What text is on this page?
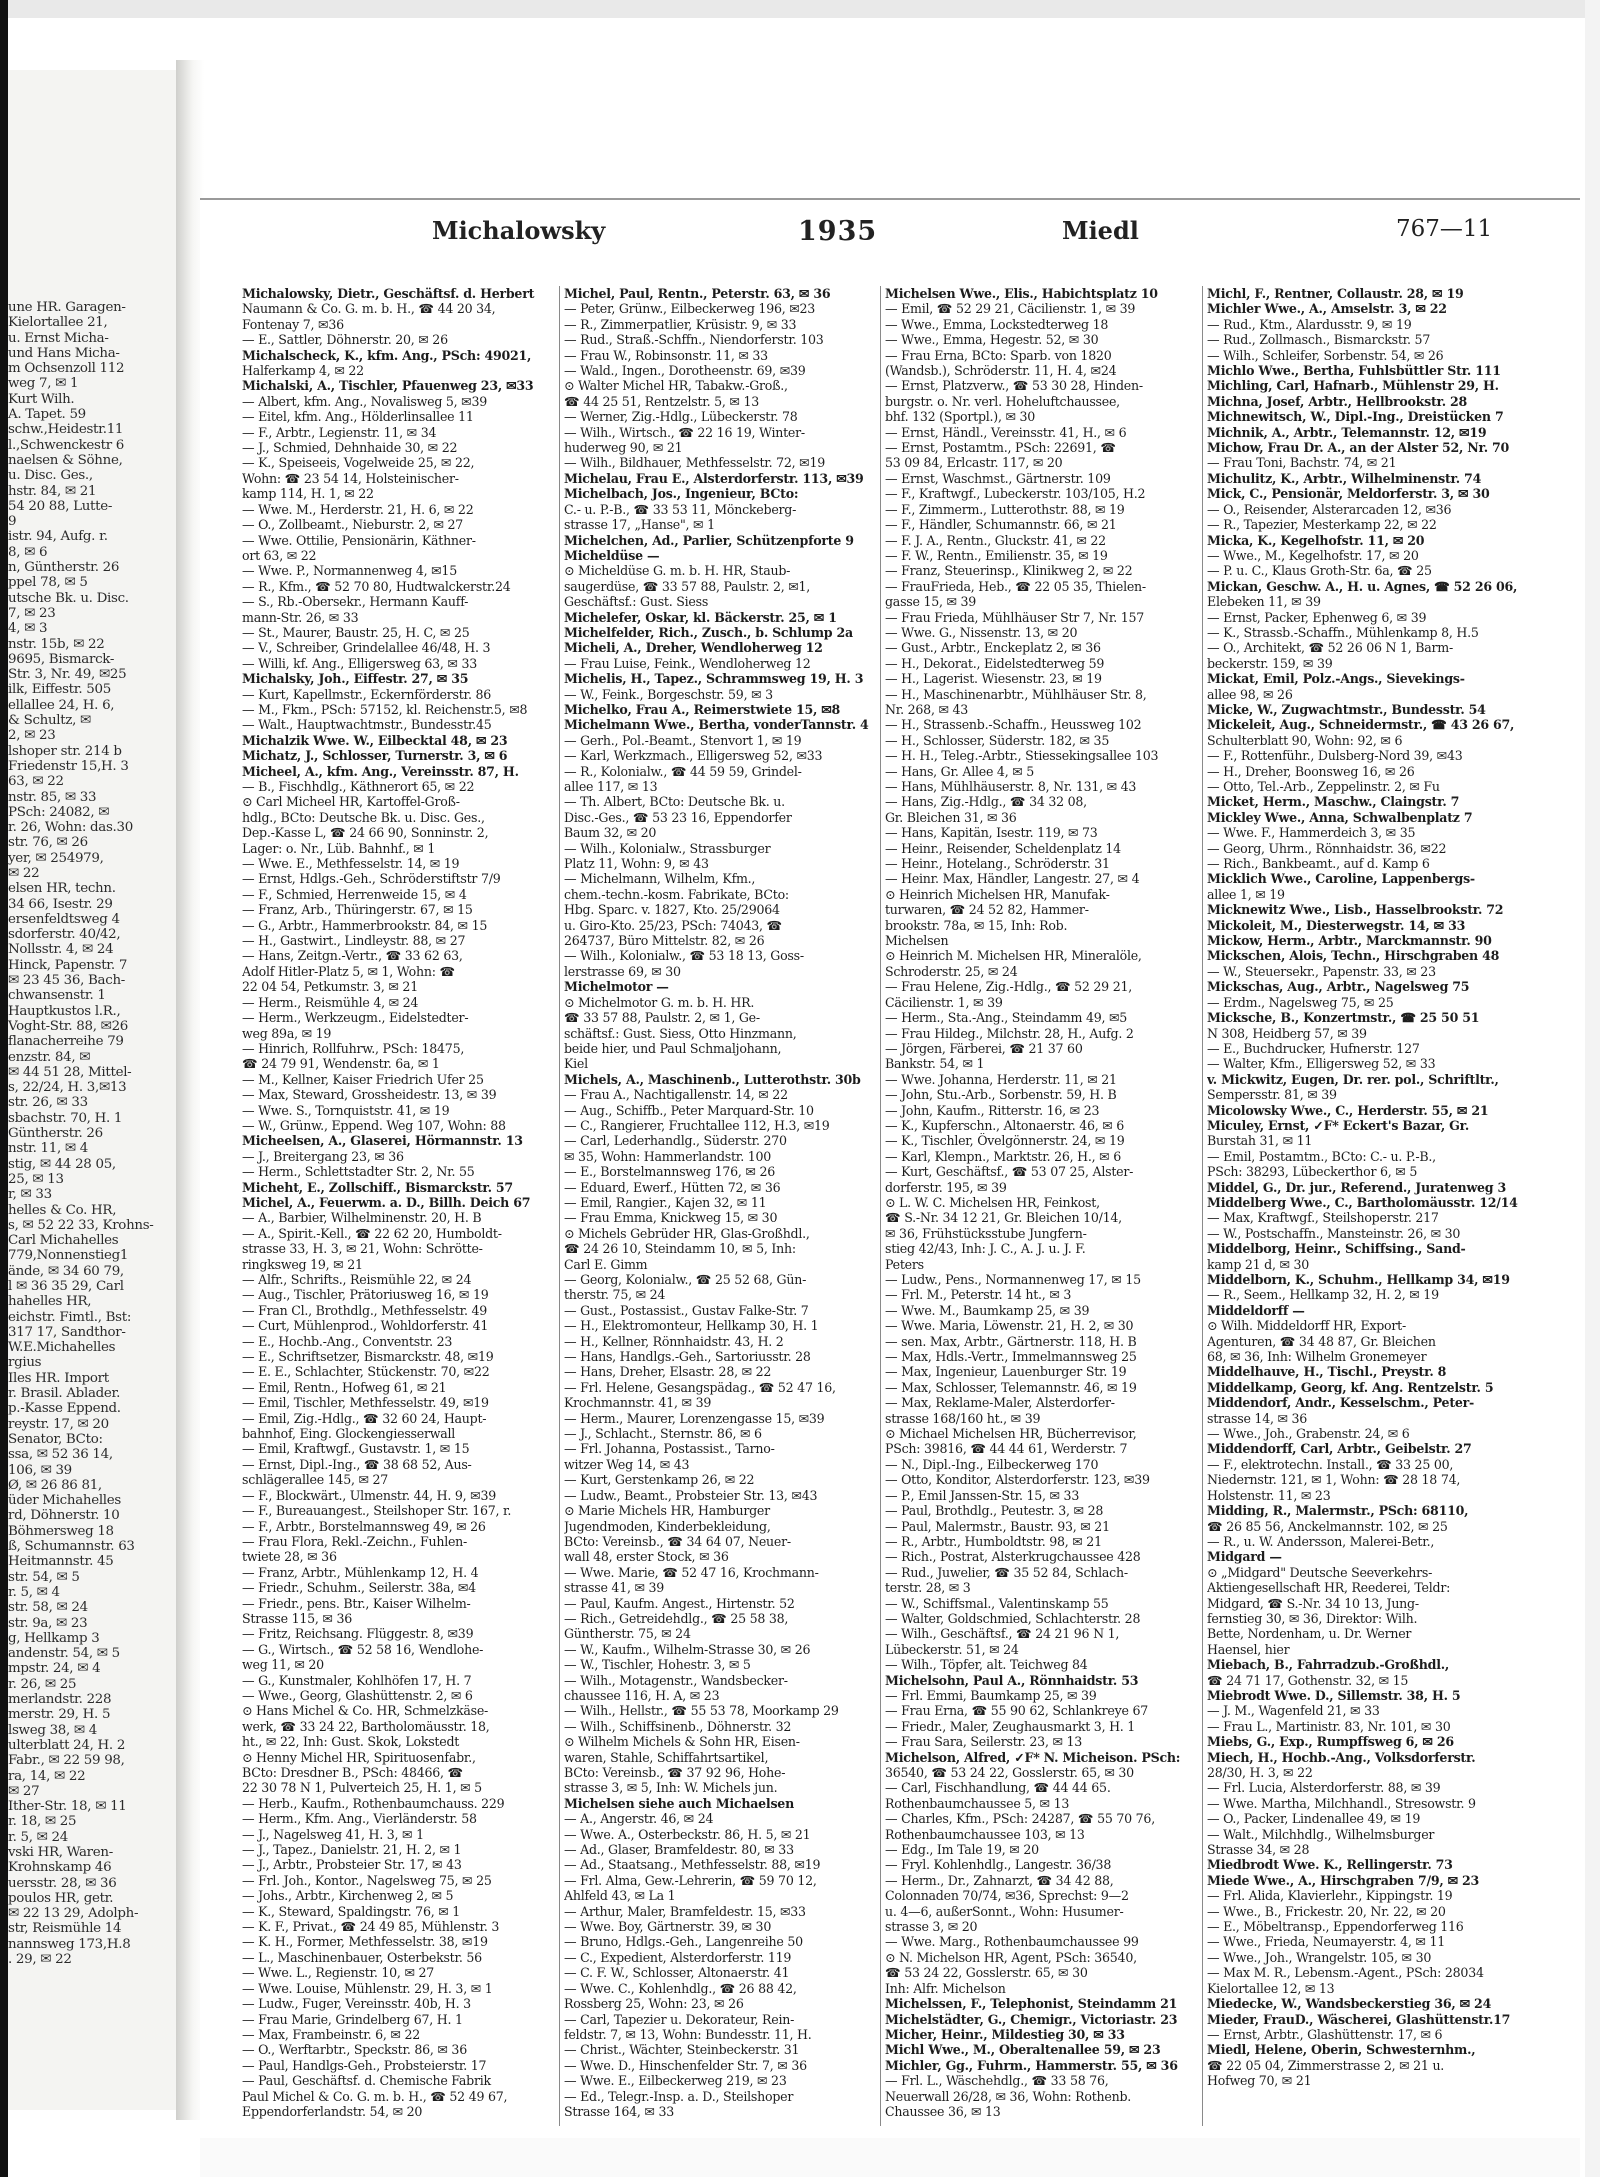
une HR. Garagen-
Kielortallee 21,
u. Ernst Micha-
und Hans Micha-
m Ochsenzoll 112
weg 7, ✉ 1
Kurt Wilh.
A. Tapet. 59
schw.,Heidestr.11
l.,Schwenckestr 6
naelsen & Söhne,
u. Disc. Ges.,
hstr. 84, ✉ 21
54 20 88, Lutte-
9
istr. 94, Aufg. r.
8, ✉ 6
n, Güntherstr. 26
ppel 78, ✉ 5
utsche Bk. u. Disc.
7, ✉ 23
4, ✉ 3
nstr. 15b, ✉ 22
9695, Bismarck-
Str. 3, Nr. 49, ✉25
ilk, Eiffestr. 505
ellallee 24, H. 6,
& Schultz, ✉
2, ✉ 23
lshoper str. 214 b
Friedenstr 15,H. 3
63, ✉ 22
nstr. 85, ✉ 33
PSch: 24082, ✉
r. 26, Wohn: das.30
str. 76, ✉ 26
yer, ✉ 254979,
✉ 22
elsen HR, techn.
34 66, Isestr. 29
ersenfeldtsweg 4
sdorferstr. 40/42,
Nollsstr. 4, ✉ 24
Hinck, Papenstr. 7
✉ 23 45 36, Bach-
chwansenstr. 1
Hauptkustos l.R.,
Voght-Str. 88, ✉26
flanacherreihe 79
enzstr. 84, ✉
✉ 44 51 28, Mittel-
s, 22/24, H. 3,✉13
str. 26, ✉ 33
sbachstr. 70, H. 1
Güntherstr. 26
nstr. 11, ✉ 4
stig, ✉ 44 28 05,
25, ✉ 13
r, ✉ 33
helles & Co. HR,
s, ✉ 52 22 33, Krohns-
Carl Michahelles
779,Nonnenstieg1
ände, ✉ 34 60 79,
l ✉ 36 35 29, Carl
hahelles HR,
eichstr. Fimtl., Bst:
317 17, Sandthor-
W.E.Michahelles
rgius
Iles HR. Import
r. Brasil. Ablader.
p.-Kasse Eppend.
reystr. 17, ✉ 20
Senator, BCto:
ssa, ✉ 52 36 14,
106, ✉ 39
Ø, ✉ 26 86 81,
üder Michahelles
rd, Döhnerstr. 10
Böhmersweg 18
ß, Schumannstr. 63
Heitmannstr. 45
str. 54, ✉ 5
r. 5, ✉ 4
str. 58, ✉ 24
str. 9a, ✉ 23
g, Hellkamp 3
andenstr. 54, ✉ 5
mpstr. 24, ✉ 4
r. 26, ✉ 25
merlandstr. 228
merstr. 29, H. 5
lsweg 38, ✉ 4
ulterblatt 24, H. 2
Fabr., ✉ 22 59 98,
ra, 14, ✉ 22
✉ 27
Ither-Str. 18, ✉ 11
r. 18, ✉ 25
r. 5, ✉ 24
vski HR, Waren-
Krohnskamp 46
uersstr. 28, ✉ 36
poulos HR, getr.
✉ 22 13 29, Adolph-
str, Reismühle 14
nannsweg 173,H.8
. 29, ✉ 22
Michalowsky	1935	Miedl	767—11
Michalowsky, Dietr., Geschäftsf. d. Herbert
Naumann & Co. G. m. b. H., ☎ 44 20 34,
Fontenay 7, ✉36
— E., Sattler, Döhnerstr. 20, ✉ 26
Michalscheck, K., kfm. Ang., PSch: 49021,
Halferkamp 4, ✉ 22
Michalski, A., Tischler, Pfauenweg 23, ✉33
— Albert, kfm. Ang., Novalisweg 5, ✉39
— Eitel, kfm. Ang., Hölderlinsallee 11
— F., Arbtr., Legienstr. 11, ✉ 34
— J., Schmied, Dehnhaide 30, ✉ 22
— K., Speiseeis, Vogelweide 25, ✉ 22,
Wohn: ☎ 23 54 14, Holsteinischer-
kamp 114, H. 1, ✉ 22
— Wwe. M., Herderstr. 21, H. 6, ✉ 22
— O., Zollbeamt., Nieburstr. 2, ✉ 27
— Wwe. Ottilie, Pensionärin, Käthner-
ort 63, ✉ 22
— Wwe. P., Normannenweg 4, ✉15
— R., Kfm., ☎ 52 70 80, Hudtwalckerstr.24
— S., Rb.-Obersekr., Hermann Kauff-
mann-Str. 26, ✉ 33
— St., Maurer, Baustr. 25, H. C, ✉ 25
— V., Schreiber, Grindelallee 46/48, H. 3
— Willi, kf. Ang., Elligersweg 63, ✉ 33
Michalsky, Joh., Eiffestr. 27, ✉ 35
— Kurt, Kapellmstr., Eckernförderstr. 86
— M., Fkm., PSch: 57152, kl. Reichenstr.5, ✉8
— Walt., Hauptwachtmstr., Bundesstr.45
Michalzik Wwe. W., Eilbecktal 48, ✉ 23
Michatz, J., Schlosser, Turnerstr. 3, ✉ 6
Micheel, A., kfm. Ang., Vereinsstr. 87, H.
— B., Fischhdlg., Käthnerort 65, ✉ 22
⊙ Carl Micheel HR, Kartoffel-Groß-
hdlg., BCto: Deutsche Bk. u. Disc. Ges.,
Dep.-Kasse L, ☎ 24 66 90, Sonninstr. 2,
Lager: o. Nr., Lüb. Bahnhf., ✉ 1
— Wwe. E., Methfesselstr. 14, ✉ 19
— Ernst, Hdlgs.-Geh., Schröderstiftstr 7/9
— F., Schmied, Herrenweide 15, ✉ 4
— Franz, Arb., Thüringerstr. 67, ✉ 15
— G., Arbtr., Hammerbrookstr. 84, ✉ 15
— H., Gastwirt., Lindleystr. 88, ✉ 27
— Hans, Zeitgn.-Vertr., ☎ 33 62 63,
Adolf Hitler-Platz 5, ✉ 1, Wohn: ☎
22 04 54, Petkumstr. 3, ✉ 21
— Herm., Reismühle 4, ✉ 24
— Herm., Werkzeugm., Eidelstedter-
weg 89a, ✉ 19
— Hinrich, Rollfuhrw., PSch: 18475,
☎ 24 79 91, Wendenstr. 6a, ✉ 1
— M., Kellner, Kaiser Friedrich Ufer 25
— Max, Steward, Grossheidestr. 13, ✉ 39
— Wwe. S., Tornquiststr. 41, ✉ 19
— W., Grünw., Eppend. Weg 107, Wohn: 88
Micheelsen, A., Glaserei, Hörmannstr. 13
— J., Breitergang 23, ✉ 36
— Herm., Schlettstadter Str. 2, Nr. 55
Micheht, E., Zollschiff., Bismarckstr. 57
Michel, A., Feuerwm. a. D., Billh. Deich 67
— A., Barbier, Wilhelminenstr. 20, H. B
— A., Spirit.-Kell., ☎ 22 62 20, Humboldt-
strasse 33, H. 3, ✉ 21, Wohn: Schrötte-
ringksweg 19, ✉ 21
— Alfr., Schrifts., Reismühle 22, ✉ 24
— Aug., Tischler, Prätoriusweg 16, ✉ 19
— Fran Cl., Brothdlg., Methfesselstr. 49
— Curt, Mühlenprod., Wohldorferstr. 41
— E., Hochb.-Ang., Conventstr. 23
— E., Schriftsetzer, Bismarckstr. 48, ✉19
— E. E., Schlachter, Stückenstr. 70, ✉22
— Emil, Rentn., Hofweg 61, ✉ 21
— Emil, Tischler, Methfesselstr. 49, ✉19
— Emil, Zig.-Hdlg., ☎ 32 60 24, Haupt-
bahnhof, Eing. Glockengiesserwall
— Emil, Kraftwgf., Gustavstr. 1, ✉ 15
— Ernst, Dipl.-Ing., ☎ 38 68 52, Aus-
schlägerallee 145, ✉ 27
— F., Blockwärt., Ulmenstr. 44, H. 9, ✉39
— F., Bureauangest., Steilshoper Str. 167, r.
— F., Arbtr., Borstelmannsweg 49, ✉ 26
— Frau Flora, Rekl.-Zeichn., Fuhlen-
twiete 28, ✉ 36
— Franz, Arbtr., Mühlenkamp 12, H. 4
— Friedr., Schuhm., Seilerstr. 38a, ✉4
— Friedr., pens. Btr., Kaiser Wilhelm-
Strasse 115, ✉ 36
— Fritz, Reichsang. Flüggestr. 8, ✉39
— G., Wirtsch., ☎ 52 58 16, Wendlohe-
weg 11, ✉ 20
— G., Kunstmaler, Kohlhöfen 17, H. 7
— Wwe., Georg, Glashüttenstr. 2, ✉ 6
⊙ Hans Michel & Co. HR, Schmelzkäse-
werk, ☎ 33 24 22, Bartholomäusstr. 18,
ht., ✉ 22, Inh: Gust. Skok, Lokstedt
⊙ Henny Michel HR, Spirituosenfabr.,
BCto: Dresdner B., PSch: 48466, ☎
22 30 78 N 1, Pulverteich 25, H. 1, ✉ 5
— Herb., Kaufm., Rothenbaumchauss. 229
— Herm., Kfm. Ang., Vierländerstr. 58
— J., Nagelsweg 41, H. 3, ✉ 1
— J., Tapez., Danielstr. 21, H. 2, ✉ 1
— J., Arbtr., Probsteier Str. 17, ✉ 43
— Frl. Joh., Kontor., Nagelsweg 75, ✉ 25
— Johs., Arbtr., Kirchenweg 2, ✉ 5
— K., Steward, Spaldingstr. 76, ✉ 1
— K. F., Privat., ☎ 24 49 85, Mühlenstr. 3
— K. H., Former, Methfesselstr. 38, ✉19
— L., Maschinenbauer, Osterbekstr. 56
— Wwe. L., Regienstr. 10, ✉ 27
— Wwe. Louise, Mühlenstr. 29, H. 3, ✉ 1
— Ludw., Fuger, Vereinsstr. 40b, H. 3
— Frau Marie, Grindelberg 67, H. 1
— Max, Frambeinstr. 6, ✉ 22
— O., Werftarbtr., Speckstr. 86, ✉ 36
— Paul, Handlgs-Geh., Probsteierstr. 17
— Paul, Geschäftsf. d. Chemische Fabrik
Paul Michel & Co. G. m. b. H., ☎ 52 49 67,
Eppendorferlandstr. 54, ✉ 20
Michel, Paul, Rentn., Peterstr. 63, ✉ 36
— Peter, Grünw., Eilbeckerweg 196, ✉23
— R., Zimmerpatlier, Krüsistr. 9, ✉ 33
— Rud., Straß.-Schffn., Niendorferstr. 103
— Frau W., Robinsonstr. 11, ✉ 33
— Wald., Ingen., Dorotheenstr. 69, ✉39
⊙ Walter Michel HR, Tabakw.-Groß.,
☎ 44 25 51, Rentzelstr. 5, ✉ 13
— Werner, Zig.-Hdlg., Lübeckerstr. 78
— Wilh., Wirtsch., ☎ 22 16 19, Winter-
huderweg 90, ✉ 21
— Wilh., Bildhauer, Methfesselstr. 72, ✉19
Michelau, Frau E., Alsterdorferstr. 113, ✉39
Michelbach, Jos., Ingenieur, BCto:
C.- u. P.-B., ☎ 33 53 11, Mönckeberg-
strasse 17, „Hanse", ✉ 1
Michelchen, Ad., Parlier, Schützenpforte 9
Micheldüse —
⊙ Micheldüse G. m. b. H. HR, Staub-
saugerdüse, ☎ 33 57 88, Paulstr. 2, ✉1,
Geschäftsf.: Gust. Siess
Michelefer, Oskar, kl. Bäckerstr. 25, ✉ 1
Michelfelder, Rich., Zusch., b. Schlump 2a
Micheli, A., Dreher, Wendloherweg 12
— Frau Luise, Feink., Wendloherweg 12
Michelis, H., Tapez., Schrammsweg 19, H. 3
— W., Feink., Borgeschstr. 59, ✉ 3
Michelko, Frau A., Reimerstwiete 15, ✉8
Michelmann Wwe., Bertha, vonderTannstr. 4
— Gerh., Pol.-Beamt., Stenvort 1, ✉ 19
— Karl, Werkzmach., Elligersweg 52, ✉33
— R., Kolonialw., ☎ 44 59 59, Grindel-
allee 117, ✉ 13
— Th. Albert, BCto: Deutsche Bk. u.
Disc.-Ges., ☎ 53 23 16, Eppendorfer
Baum 32, ✉ 20
— Wilh., Kolonialw., Strassburger
Platz 11, Wohn: 9, ✉ 43
— Michelmann, Wilhelm, Kfm.,
chem.-techn.-kosm. Fabrikate, BCto:
Hbg. Sparc. v. 1827, Kto. 25/29064
u. Giro-Kto. 25/23, PSch: 74043, ☎
264737, Büro Mittelstr. 82, ✉ 26
— Wilh., Kolonialw., ☎ 53 18 13, Goss-
lerstrasse 69, ✉ 30
Michelmotor —
⊙ Michelmotor G. m. b. H. HR.
☎ 33 57 88, Paulstr. 2, ✉ 1, Ge-
schäftsf.: Gust. Siess, Otto Hinzmann,
beide hier, und Paul Schmaljohann,
Kiel
Michels, A., Maschinenb., Lutterothstr. 30b
— Frau A., Nachtigallenstr. 14, ✉ 22
— Aug., Schiffb., Peter Marquard-Str. 10
— C., Rangierer, Fruchtallee 112, H.3, ✉19
— Carl, Lederhandlg., Süderstr. 270
✉ 35, Wohn: Hammerlandstr. 100
— E., Borstelmannsweg 176, ✉ 26
— Eduard, Ewerf., Hütten 72, ✉ 36
— Emil, Rangier., Kajen 32, ✉ 11
— Frau Emma, Knickweg 15, ✉ 30
⊙ Michels Gebrüder HR, Glas-Großhdl.,
☎ 24 26 10, Steindamm 10, ✉ 5, Inh:
Carl E. Gimm
— Georg, Kolonialw., ☎ 25 52 68, Gün-
therstr. 75, ✉ 24
— Gust., Postassist., Gustav Falke-Str. 7
— H., Elektromonteur, Hellkamp 30, H. 1
— H., Kellner, Rönnhaidstr. 43, H. 2
— Hans, Handlgs.-Geh., Sartoriusstr. 28
— Hans, Dreher, Elsastr. 28, ✉ 22
— Frl. Helene, Gesangspädag., ☎ 52 47 16,
Krochmannstr. 41, ✉ 39
— Herm., Maurer, Lorenzengasse 15, ✉39
— J., Schlacht., Sternstr. 86, ✉ 6
— Frl. Johanna, Postassist., Tarno-
witzer Weg 14, ✉ 43
— Kurt, Gerstenkamp 26, ✉ 22
— Ludw., Beamt., Probsteier Str. 13, ✉43
⊙ Marie Michels HR, Hamburger
Jugendmoden, Kinderbekleidung,
BCto: Vereinsb., ☎ 34 64 07, Neuer-
wall 48, erster Stock, ✉ 36
— Wwe. Marie, ☎ 52 47 16, Krochmann-
strasse 41, ✉ 39
— Paul, Kaufm. Angest., Hirtenstr. 52
— Rich., Getreidehdlg., ☎ 25 58 38,
Güntherstr. 75, ✉ 24
— W., Kaufm., Wilhelm-Strasse 30, ✉ 26
— W., Tischler, Hohestr. 3, ✉ 5
— Wilh., Motagenstr., Wandsbecker-
chaussee 116, H. A, ✉ 23
— Wilh., Hellstr., ☎ 55 53 78, Moorkamp 29
— Wilh., Schiffsinenb., Döhnerstr. 32
⊙ Wilhelm Michels & Sohn HR, Eisen-
waren, Stahle, Schiffahrtsartikel,
BCto: Vereinsb., ☎ 37 92 96, Hohe-
strasse 3, ✉ 5, Inh: W. Michels jun.
Michelsen siehe auch Michaelsen
— A., Angerstr. 46, ✉ 24
— Wwe. A., Osterbeckstr. 86, H. 5, ✉ 21
— Ad., Glaser, Bramfeldestr. 80, ✉ 33
— Ad., Staatsang., Methfesselstr. 88, ✉19
— Frl. Alma, Gew.-Lehrerin, ☎ 59 70 12,
Ahlfeld 43, ✉ La 1
— Arthur, Maler, Bramfeldestr. 15, ✉33
— Wwe. Boy, Gärtnerstr. 39, ✉ 30
— Bruno, Hdlgs.-Geh., Langenreihe 50
— C., Expedient, Alsterdorferstr. 119
— C. F. W., Schlosser, Altonaerstr. 41
— Wwe. C., Kohlenhdlg., ☎ 26 88 42,
Rossberg 25, Wohn: 23, ✉ 26
— Carl, Tapezier u. Dekorateur, Rein-
feldstr. 7, ✉ 13, Wohn: Bundesstr. 11, H.
— Christ., Wächter, Steinbeckerstr. 31
— Wwe. D., Hinschenfelder Str. 7, ✉ 36
— Wwe. E., Eilbeckerweg 219, ✉ 23
— Ed., Telegr.-Insp. a. D., Steilshoper
Strasse 164, ✉ 33
Michelsen Wwe., Elis., Habichtsplatz 10
— Emil, ☎ 52 29 21, Cäcilienstr. 1, ✉ 39
— Wwe., Emma, Lockstedterweg 18
— Wwe., Emma, Hegestr. 52, ✉ 30
— Frau Erna, BCto: Sparb. von 1820
(Wandsb.), Schröderstr. 11, H. 4, ✉24
— Ernst, Platzverw., ☎ 53 30 28, Hinden-
burgstr. o. Nr. verl. Hoheluftchaussee,
bhf. 132 (Sportpl.), ✉ 30
— Ernst, Händl., Vereinsstr. 41, H., ✉ 6
— Ernst, Postamtm., PSch: 22691, ☎
53 09 84, Erlcastr. 117, ✉ 20
— Ernst, Waschmst., Gärtnerstr. 109
— F., Kraftwgf., Lubeckerstr. 103/105, H.2
— F., Zimmerm., Lutterothstr. 88, ✉ 19
— F., Händler, Schumannstr. 66, ✉ 21
— F. J. A., Rentn., Gluckstr. 41, ✉ 22
— F. W., Rentn., Emilienstr. 35, ✉ 19
— Franz, Steuerinsp., Klinikweg 2, ✉ 22
— FrauFrieda, Heb., ☎ 22 05 35, Thielen-
gasse 15, ✉ 39
— Frau Frieda, Mühlhäuser Str 7, Nr. 157
— Wwe. G., Nissenstr. 13, ✉ 20
— Gust., Arbtr., Enckeplatz 2, ✉ 36
— H., Dekorat., Eidelstedterweg 59
— H., Lagerist. Wiesenstr. 23, ✉ 19
— H., Maschinenarbtr., Mühlhäuser Str. 8,
Nr. 268, ✉ 43
— H., Strassenb.-Schaffn., Heussweg 102
— H., Schlosser, Süderstr. 182, ✉ 35
— H. H., Teleg.-Arbtr., Stiessekingsallee 103
— Hans, Gr. Allee 4, ✉ 5
— Hans, Mühlhäuserstr. 8, Nr. 131, ✉ 43
— Hans, Zig.-Hdlg., ☎ 34 32 08,
Gr. Bleichen 31, ✉ 36
— Hans, Kapitän, Isestr. 119, ✉ 73
— Heinr., Reisender, Scheldenplatz 14
— Heinr., Hotelang., Schröderstr. 31
— Heinr. Max, Händler, Langestr. 27, ✉ 4
⊙ Heinrich Michelsen HR, Manufak-
turwaren, ☎ 24 52 82, Hammer-
brookstr. 78a, ✉ 15, Inh: Rob.
Michelsen
⊙ Heinrich M. Michelsen HR, Mineralöle,
Schroderstr. 25, ✉ 24
— Frau Helene, Zig.-Hdlg., ☎ 52 29 21,
Cäcilienstr. 1, ✉ 39
— Herm., Sta.-Ang., Steindamm 49, ✉5
— Frau Hildeg., Milchstr. 28, H., Aufg. 2
— Jörgen, Färberei, ☎ 21 37 60
Bankstr. 54, ✉ 1
— Wwe. Johanna, Herderstr. 11, ✉ 21
— John, Stu.-Arb., Sorbenstr. 59, H. B
— John, Kaufm., Ritterstr. 16, ✉ 23
— K., Kupferschn., Altonaerstr. 46, ✉ 6
— K., Tischler, Övelgönnerstr. 24, ✉ 19
— Karl, Klempn., Marktstr. 26, H., ✉ 6
— Kurt, Geschäftsf., ☎ 53 07 25, Alster-
dorferstr. 195, ✉ 39
⊙ L. W. C. Michelsen HR, Feinkost,
☎ S.-Nr. 34 12 21, Gr. Bleichen 10/14,
✉ 36, Frühstücksstube Jungfern-
stieg 42/43, Inh: J. C., A. J. u. J. F.
Peters
— Ludw., Pens., Normannenweg 17, ✉ 15
— Frl. M., Peterstr. 14 ht., ✉ 3
— Wwe. M., Baumkamp 25, ✉ 39
— Wwe. Maria, Löwenstr. 21, H. 2, ✉ 30
— sen. Max, Arbtr., Gärtnerstr. 118, H. B
— Max, Hdls.-Vertr., Immelmannsweg 25
— Max, Ingenieur, Lauenburger Str. 19
— Max, Schlosser, Telemannstr. 46, ✉ 19
— Max, Reklame-Maler, Alsterdorfer-
strasse 168/160 ht., ✉ 39
⊙ Michael Michelsen HR, Bücherrevisor,
PSch: 39816, ☎ 44 44 61, Werderstr. 7
— N., Dipl.-Ing., Eilbeckerweg 170
— Otto, Konditor, Alsterdorferstr. 123, ✉39
— P., Emil Janssen-Str. 15, ✉ 33
— Paul, Brothdlg., Peutestr. 3, ✉ 28
— Paul, Malermstr., Baustr. 93, ✉ 21
— R., Arbtr., Humboldtstr. 98, ✉ 21
— Rich., Postrat, Alsterkrugchaussee 428
— Rud., Juwelier, ☎ 35 52 84, Schlach-
terstr. 28, ✉ 3
— W., Schiffsmal., Valentinskamp 55
— Walter, Goldschmied, Schlachterstr. 28
— Wilh., Geschäftsf., ☎ 24 21 96 N 1,
Lübeckerstr. 51, ✉ 24
— Wilh., Töpfer, alt. Teichweg 84
Michelsohn, Paul A., Rönnhaidstr. 53
— Frl. Emmi, Baumkamp 25, ✉ 39
— Frau Erna, ☎ 55 90 62, Schlankreye 67
— Friedr., Maler, Zeughausmarkt 3, H. 1
— Frau Sara, Seilerstr. 23, ✉ 13
Michelson, Alfred, ✓F* N. Micheison. PSch:
36540, ☎ 53 24 22, Gosslerstr. 65, ✉ 30
— Carl, Fischhandlung, ☎ 44 44 65.
Rothenbaumchaussee 5, ✉ 13
— Charles, Kfm., PSch: 24287, ☎ 55 70 76,
Rothenbaumchaussee 103, ✉ 13
— Edg., Im Tale 19, ✉ 20
— Fryl. Kohlenhdlg., Langestr. 36/38
— Herm., Dr., Zahnarzt, ☎ 34 42 88,
Colonnaden 70/74, ✉36, Sprechst: 9—2
u. 4—6, außerSonnt., Wohn: Husumer-
strasse 3, ✉ 20
— Wwe. Marg., Rothenbaumchaussee 99
⊙ N. Michelson HR, Agent, PSch: 36540,
☎ 53 24 22, Gosslerstr. 65, ✉ 30
Inh: Alfr. Michelson
Michelssen, F., Telephonist, Steindamm 21
Michelstädter, G., Chemigr., Victoriastr. 23
Micher, Heinr., Mildestieg 30, ✉ 33
Michl Wwe., M., Oberaltenallee 59, ✉ 23
Michler, Gg., Fuhrm., Hammerstr. 55, ✉ 36
— Frl. L., Wäschehdlg., ☎ 33 58 76,
Neuerwall 26/28, ✉ 36, Wohn: Rothenb.
Chaussee 36, ✉ 13
Michl, F., Rentner, Collaustr. 28, ✉ 19
Michler Wwe., A., Amselstr. 3, ✉ 22
— Rud., Ktm., Alardusstr. 9, ✉ 19
— Rud., Zollmasch., Bismarckstr. 57
— Wilh., Schleifer, Sorbenstr. 54, ✉ 26
Michlo Wwe., Bertha, Fuhlsbüttler Str. 111
Michling, Carl, Hafnarb., Mühlenstr 29, H.
Michna, Josef, Arbtr., Hellbrookstr. 28
Michnewitsch, W., Dipl.-Ing., Dreistücken 7
Michnik, A., Arbtr., Telemannstr. 12, ✉19
Michow, Frau Dr. A., an der Alster 52, Nr. 70
— Frau Toni, Bachstr. 74, ✉ 21
Michulitz, K., Arbtr., Wilhelminenstr. 74
Mick, C., Pensionär, Meldorferstr. 3, ✉ 30
— O., Reisender, Alsterarcaden 12, ✉36
— R., Tapezier, Mesterkamp 22, ✉ 22
Micka, K., Kegelhofstr. 11, ✉ 20
— Wwe., M., Kegelhofstr. 17, ✉ 20
— P. u. C., Klaus Groth-Str. 6a, ☎ 25
Mickan, Geschw. A., H. u. Agnes, ☎ 52 26 06,
Elebeken 11, ✉ 39
— Ernst, Packer, Ephenweg 6, ✉ 39
— K., Strassb.-Schaffn., Mühlenkamp 8, H.5
— O., Architekt, ☎ 52 26 06 N 1, Barm-
beckerstr. 159, ✉ 39
Mickat, Emil, Polz.-Angs., Sievekings-
allee 98, ✉ 26
Micke, W., Zugwachtmstr., Bundesstr. 54
Mickeleit, Aug., Schneidermstr., ☎ 43 26 67,
Schulterblatt 90, Wohn: 92, ✉ 6
— F., Rottenführ., Dulsberg-Nord 39, ✉43
— H., Dreher, Boonsweg 16, ✉ 26
— Otto, Tel.-Arb., Zeppelinstr. 2, ✉ Fu
Micket, Herm., Maschw., Claingstr. 7
Mickley Wwe., Anna, Schwalbenplatz 7
— Wwe. F., Hammerdeich 3, ✉ 35
— Georg, Uhrm., Rönnhaidstr. 36, ✉22
— Rich., Bankbeamt., auf d. Kamp 6
Micklich Wwe., Caroline, Lappenbergs-
allee 1, ✉ 19
Micknewitz Wwe., Lisb., Hasselbrookstr. 72
Mickoleit, M., Diesterwegstr. 14, ✉ 33
Mickow, Herm., Arbtr., Marckmannstr. 90
Mickschen, Alois, Techn., Hirschgraben 48
— W., Steuersekr., Papenstr. 33, ✉ 23
Mickschas, Aug., Arbtr., Nagelsweg 75
— Erdm., Nagelsweg 75, ✉ 25
Micksche, B., Konzertmstr., ☎ 25 50 51
N 308, Heidberg 57, ✉ 39
— E., Buchdrucker, Hufnerstr. 127
— Walter, Kfm., Elligersweg 52, ✉ 33
v. Mickwitz, Eugen, Dr. rer. pol., Schriftltr.,
Sempersstr. 81, ✉ 39
Micolowsky Wwe., C., Herderstr. 55, ✉ 21
Miculey, Ernst, ✓F* Eckert's Bazar, Gr.
Burstah 31, ✉ 11
— Emil, Postamtm., BCto: C.- u. P.-B.,
PSch: 38293, Lübeckerthor 6, ✉ 5
Middel, G., Dr. jur., Referend., Juratenweg 3
Middelberg Wwe., C., Bartholomäusstr. 12/14
— Max, Kraftwgf., Steilshoperstr. 217
— W., Postschaffn., Mansteinstr. 26, ✉ 30
Middelborg, Heinr., Schiffsing., Sand-
kamp 21 d, ✉ 30
Middelborn, K., Schuhm., Hellkamp 34, ✉19
— R., Seem., Hellkamp 32, H. 2, ✉ 19
Middeldorff —
⊙ Wilh. Middeldorff HR, Export-
Agenturen, ☎ 34 48 87, Gr. Bleichen
68, ✉ 36, Inh: Wilhelm Gronemeyer
Middelhauve, H., Tischl., Preystr. 8
Middelkamp, Georg, kf. Ang. Rentzelstr. 5
Middendorf, Andr., Kesselschm., Peter-
strasse 14, ✉ 36
— Wwe., Joh., Grabenstr. 24, ✉ 6
Middendorff, Carl, Arbtr., Geibelstr. 27
— F., elektrotechn. Install., ☎ 33 25 00,
Niedernstr. 121, ✉ 1, Wohn: ☎ 28 18 74,
Holstenstr. 11, ✉ 23
Midding, R., Malermstr., PSch: 68110,
☎ 26 85 56, Anckelmannstr. 102, ✉ 25
— R., u. W. Andersson, Malerei-Betr.,
Midgard —
⊙ „Midgard" Deutsche Seeverkehrs-
Aktiengesellschaft HR, Reederei, Teldr:
Midgard, ☎ S.-Nr. 34 10 13, Jung-
fernstieg 30, ✉ 36, Direktor: Wilh.
Bette, Nordenham, u. Dr. Werner
Haensel, hier
Miebach, B., Fahrradzub.-Großhdl.,
☎ 24 71 17, Gothenstr. 32, ✉ 15
Miebrodt Wwe. D., Sillemstr. 38, H. 5
— J. M., Wagenfeld 21, ✉ 33
— Frau L., Martinistr. 83, Nr. 101, ✉ 30
Miebs, G., Exp., Rumpffsweg 6, ✉ 26
Miech, H., Hochb.-Ang., Volksdorferstr.
28/30, H. 3, ✉ 22
— Frl. Lucia, Alsterdorferstr. 88, ✉ 39
— Wwe. Martha, Milchhandl., Stresowstr. 9
— O., Packer, Lindenallee 49, ✉ 19
— Walt., Milchhdlg., Wilhelmsburger
Strasse 34, ✉ 28
Miedbrodt Wwe. K., Rellingerstr. 73
Miede Wwe., A., Hirschgraben 7/9, ✉ 23
— Frl. Alida, Klavierlehr., Kippingstr. 19
— Wwe., B., Frickestr. 20, Nr. 22, ✉ 20
— E., Möbeltransp., Eppendorferweg 116
— Wwe., Frieda, Neumayerstr. 4, ✉ 11
— Wwe., Joh., Wrangelstr. 105, ✉ 30
— Max M. R., Lebensm.-Agent., PSch: 28034
Kielortallee 12, ✉ 13
Miedecke, W., Wandsbeckerstieg 36, ✉ 24
Mieder, FrauD., Wäscherei, Glashüttenstr.17
— Ernst, Arbtr., Glashüttenstr. 17, ✉ 6
Miedl, Helene, Oberin, Schwesternhm.,
☎ 22 05 04, Zimmerstrasse 2, ✉ 21 u.
Hofweg 70, ✉ 21
